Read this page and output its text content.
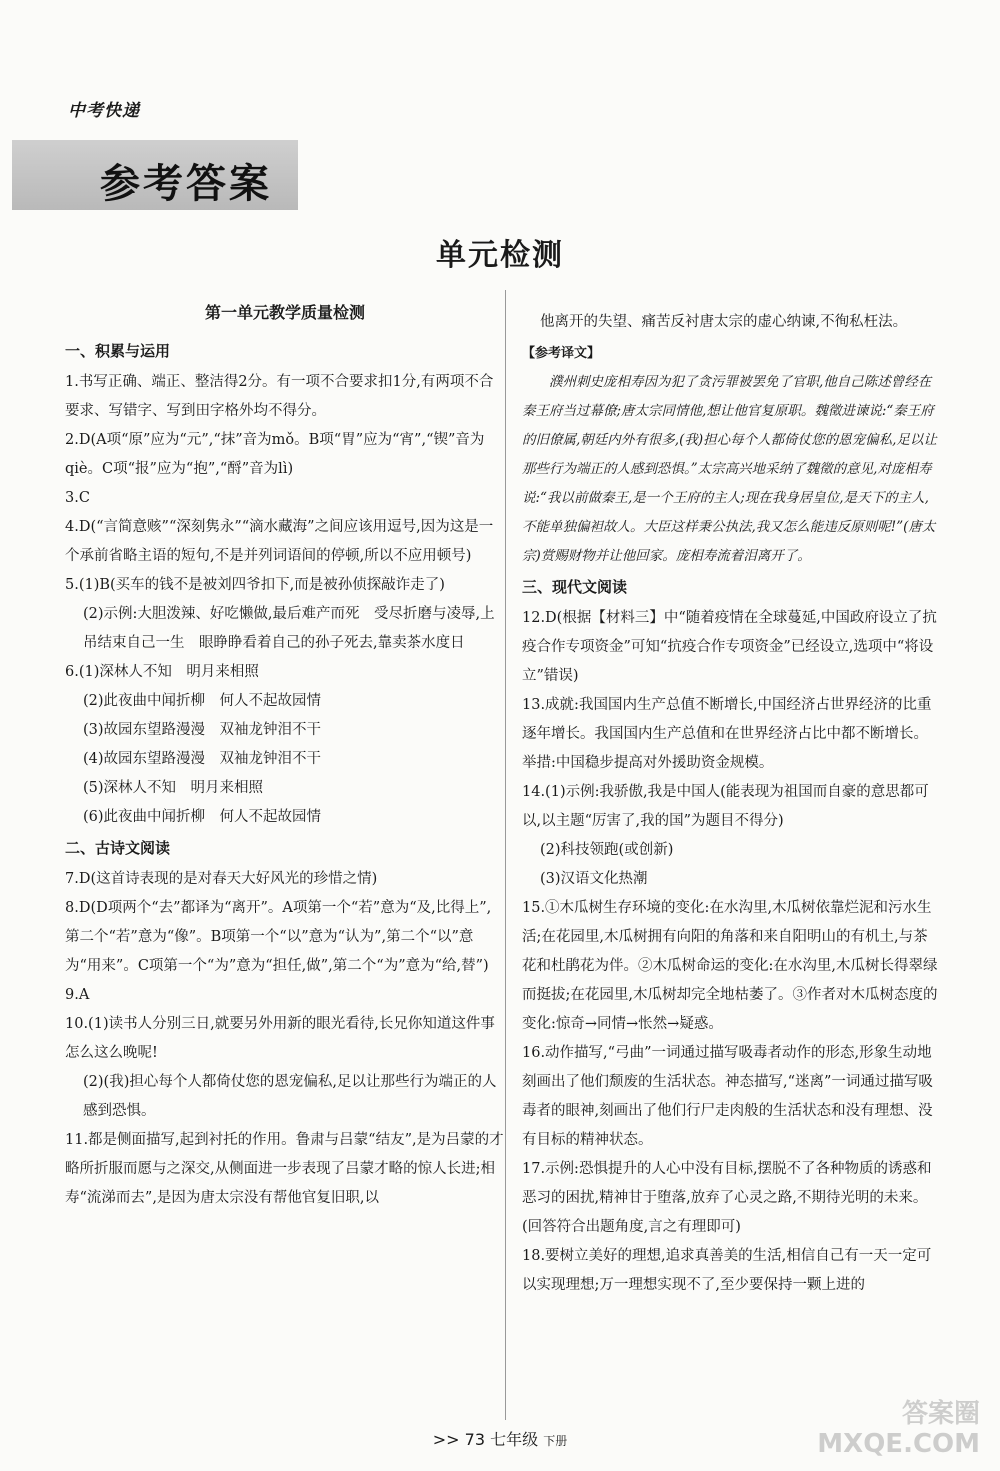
中考快递
参考答案
单元检测
第一单元教学质量检测
一、积累与运用

1.书写正确、端正、整洁得2分。有一项不合要求扣1分,有两项不合要求、写错字、写到田字格外均不得分。

2.D(A项“原”应为“元”,“抹”音为mǒ。B项“胃”应为“宵”,“锲”音为qiè。C项“报”应为“抱”,“酹”音为lì)

3.C

4.D(“言简意赅”“深刻隽永”“滴水藏海”之间应该用逗号,因为这是一个承前省略主语的短句,不是并列词语间的停顿,所以不应用顿号)

5.(1)B(买车的钱不是被刘四爷扣下,而是被孙侦探敲诈走了)

(2)示例:大胆泼辣、好吃懒做,最后难产而死　受尽折磨与凌辱,上吊结束自己一生　眼睁睁看着自己的孙子死去,靠卖茶水度日

6.(1)深林人不知　明月来相照

(2)此夜曲中闻折柳　何人不起故园情

(3)故园东望路漫漫　双袖龙钟泪不干

(4)故园东望路漫漫　双袖龙钟泪不干

(5)深林人不知　明月来相照

(6)此夜曲中闻折柳　何人不起故园情

二、古诗文阅读

7.D(这首诗表现的是对春天大好风光的珍惜之情)

8.D(D项两个“去”都译为“离开”。A项第一个“若”意为“及,比得上”,第二个“若”意为“像”。B项第一个“以”意为“认为”,第二个“以”意为“用来”。C项第一个“为”意为“担任,做”,第二个“为”意为“给,替”)

9.A

10.(1)读书人分别三日,就要另外用新的眼光看待,长兄你知道这件事怎么这么晚呢!

(2)(我)担心每个人都倚仗您的恩宠偏私,足以让那些行为端正的人感到恐惧。

11.都是侧面描写,起到衬托的作用。鲁肃与吕蒙“结友”,是为吕蒙的才略所折服而愿与之深交,从侧面进一步表现了吕蒙才略的惊人长进;相寿“流涕而去”,是因为唐太宗没有帮他官复旧职,以

他离开的失望、痛苦反衬唐太宗的虚心纳谏,不徇私枉法。

【参考译文】

濮州刺史庞相寿因为犯了贪污罪被罢免了官职,他自己陈述曾经在秦王府当过幕僚;唐太宗同情他,想让他官复原职。魏徵进谏说:“秦王府的旧僚属,朝廷内外有很多,(我)担心每个人都倚仗您的恩宠偏私,足以让那些行为端正的人感到恐惧。”太宗高兴地采纳了魏徵的意见,对庞相寿说:“我以前做秦王,是一个王府的主人;现在我身居皇位,是天下的主人,不能单独偏袒故人。大臣这样秉公执法,我又怎么能违反原则呢!”(唐太宗)赏赐财物并让他回家。庞相寿流着泪离开了。

三、现代文阅读

12.D(根据【材料三】中“随着疫情在全球蔓延,中国政府设立了抗疫合作专项资金”可知“抗疫合作专项资金”已经设立,选项中“将设立”错误)

13.成就:我国国内生产总值不断增长,中国经济占世界经济的比重逐年增长。我国国内生产总值和在世界经济占比中都不断增长。举措:中国稳步提高对外援助资金规模。

14.(1)示例:我骄傲,我是中国人(能表现为祖国而自豪的意思都可以,以主题“厉害了,我的国”为题目不得分)

(2)科技领跑(或创新)

(3)汉语文化热潮

15.①木瓜树生存环境的变化:在水沟里,木瓜树依靠烂泥和污水生活;在花园里,木瓜树拥有向阳的角落和来自阳明山的有机土,与茶花和杜鹃花为伴。②木瓜树命运的变化:在水沟里,木瓜树长得翠绿而挺拔;在花园里,木瓜树却完全地枯萎了。③作者对木瓜树态度的变化:惊奇→同情→怅然→疑惑。

16.动作描写,“弓曲”一词通过描写吸毒者动作的形态,形象生动地刻画出了他们颓废的生活状态。神态描写,“迷离”一词通过描写吸毒者的眼神,刻画出了他们行尸走肉般的生活状态和没有理想、没有目标的精神状态。

17.示例:恐惧提升的人心中没有目标,摆脱不了各种物质的诱惑和恶习的困扰,精神甘于堕落,放弃了心灵之路,不期待光明的未来。(回答符合出题角度,言之有理即可)

18.要树立美好的理想,追求真善美的生活,相信自己有一天一定可以实现理想;万一理想实现不了,至少要保持一颗上进的

>> 73 七年级 下册
答案圈
MXQE.COM
